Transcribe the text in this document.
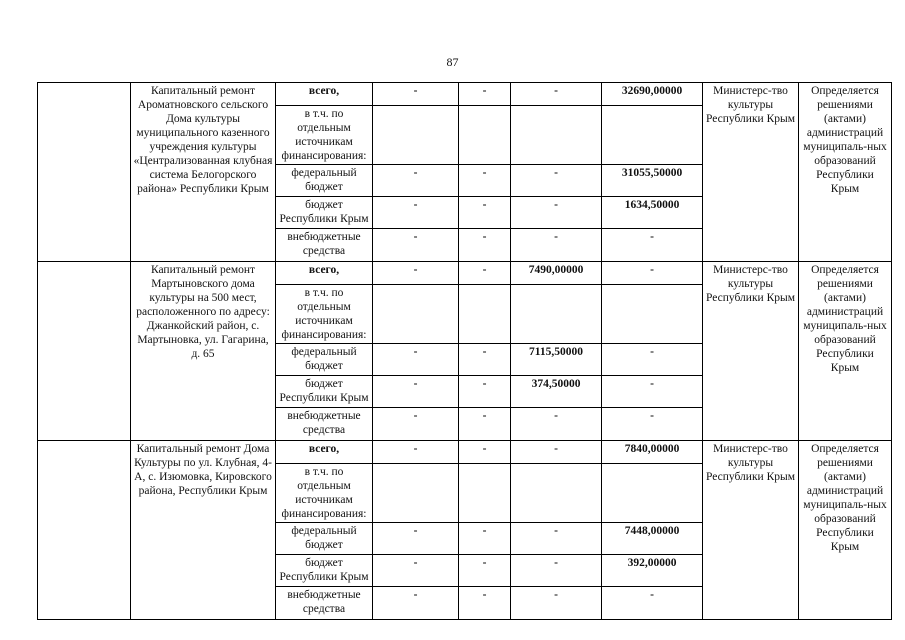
87
	Капитальный ремонт Ароматновского сельского Дома культуры муниципального казенного учреждения культуры «Централизованная клубная система Белогорского района» Республики Крым	всего,	-	-	-	32690,00000	Министерс-тво культуры Республики Крым	Определяется решениями (актами) администраций муниципаль-ных образований Республики Крым
		в т.ч. по отдельным источникам финансирования:						
		федеральный бюджет	-	-	-	31055,50000		
		бюджет Республики Крым	-	-	-	1634,50000		
		внебюджетные средства	-	-	-	-		
	Капитальный ремонт Мартыновского дома культуры на 500 мест, расположенного по адресу: Джанкойский район, с. Мартыновка, ул. Гагарина, д. 65	всего,	-	-	7490,00000	-	Министерс-тво культуры Республики Крым	Определяется решениями (актами) администраций муниципаль-ных образований Республики Крым
		в т.ч. по отдельным источникам финансирования:						
		федеральный бюджет	-	-	7115,50000	-		
		бюджет Республики Крым	-	-	374,50000	-		
		внебюджетные средства	-	-	-	-		
	Капитальный ремонт Дома Культуры по ул. Клубная, 4-А, с. Изюмовка, Кировского района, Республики Крым	всего,	-	-	-	7840,00000	Министерс-тво культуры Республики Крым	Определяется решениями (актами) администраций муниципаль-ных образований Республики Крым
		в т.ч. по отдельным источникам финансирования:						
		федеральный бюджет	-	-	-	7448,00000		
		бюджет Республики Крым	-	-	-	392,00000		
		внебюджетные средства	-	-	-	-		
